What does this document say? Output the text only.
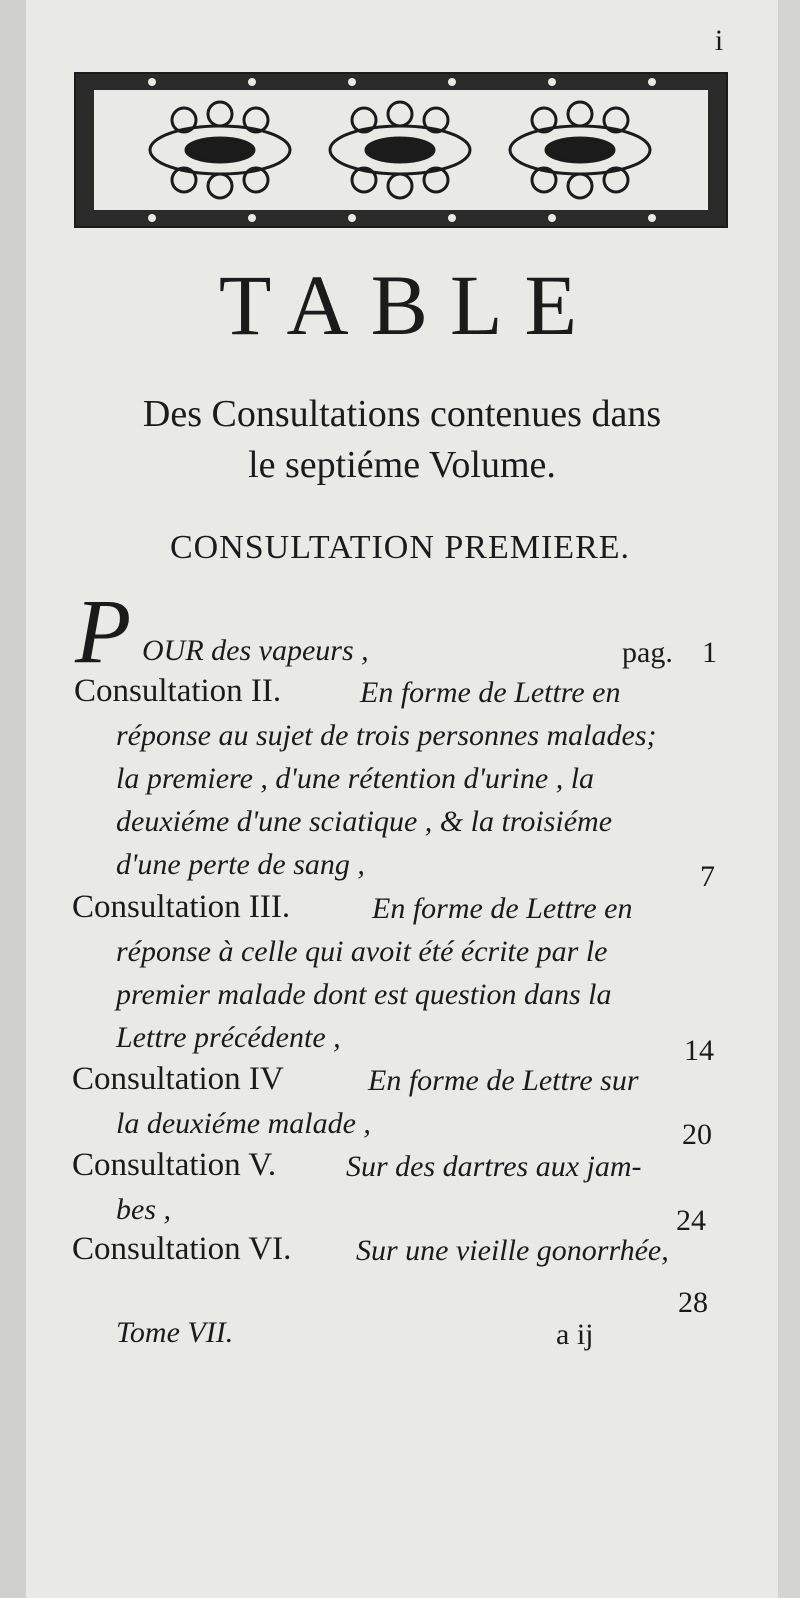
i
TABLE
Des Consultations contenues dans
le septiéme Volume.
CONSULTATION PREMIERE.
P OUR des vapeurs ,	pag. 1
Consultation II.	En forme de Lettre en
réponse au sujet de trois personnes malades;
la premiere , d'une rétention d'urine , la
deuxiéme d'une sciatique , & la troisiéme
d'une perte de sang ,	7
Consultation III.	En forme de Lettre en
réponse à celle qui avoit été écrite par le
premier malade dont est question dans la
Lettre précédente ,	14
Consultation IV	En forme de Lettre sur
la deuxiéme malade ,	20
Consultation V. Sur des dartres aux jam-
bes ,	24
Consultation VI. Sur une vieille gonorrhée,
28
Tome VII.	a ij
